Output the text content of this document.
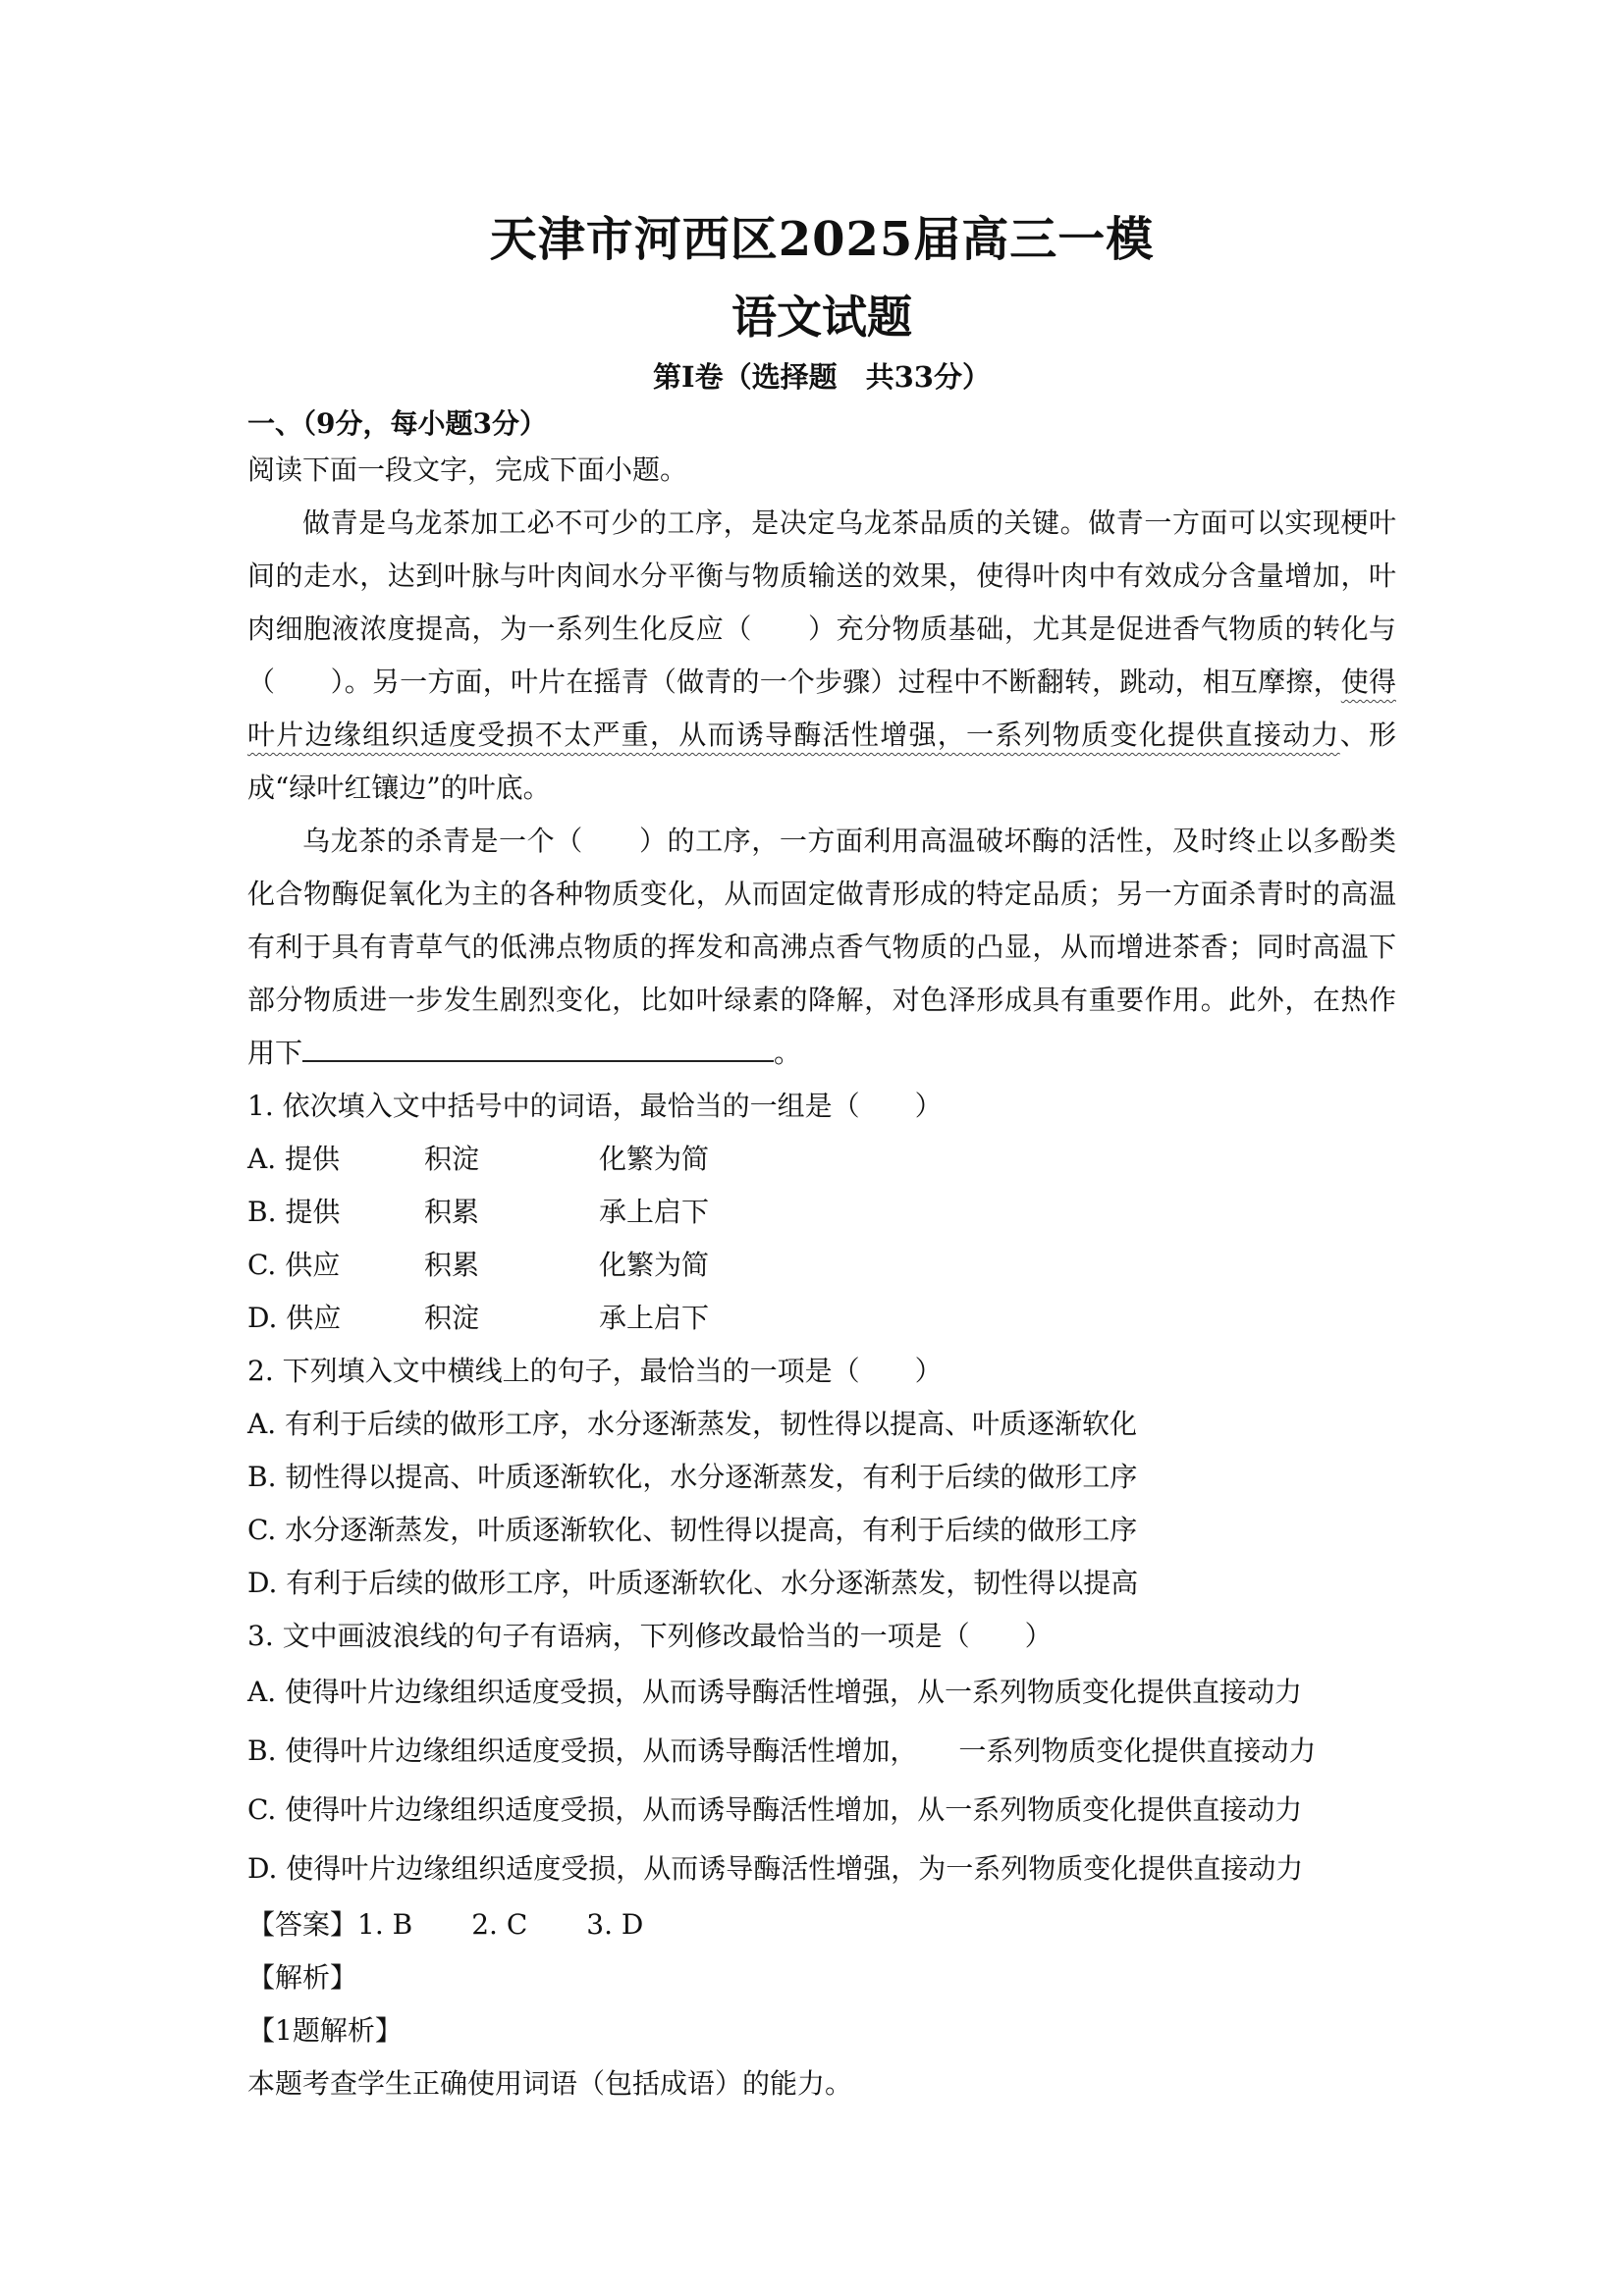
天津市河西区2025届高三一模
语文试题
第I卷（选择题　共33分）
一、（9分，每小题3分）
阅读下面一段文字，完成下面小题。
做青是乌龙茶加工必不可少的工序，是决定乌龙茶品质的关键。做青一方面可以实现梗叶间的走水，达到叶脉与叶肉间水分平衡与物质输送的效果，使得叶肉中有效成分含量增加，叶肉细胞液浓度提高，为一系列生化反应（　　）充分物质基础，尤其是促进香气物质的转化与（　　）。另一方面，叶片在摇青（做青的一个步骤）过程中不断翻转，跳动，相互摩擦，使得叶片边缘组织适度受损不太严重，从而诱导酶活性增强，一系列物质变化提供直接动力、形成“绿叶红镶边”的叶底。
乌龙茶的杀青是一个（　　）的工序，一方面利用高温破坏酶的活性，及时终止以多酚类化合物酶促氧化为主的各种物质变化，从而固定做青形成的特定品质；另一方面杀青时的高温有利于具有青草气的低沸点物质的挥发和高沸点香气物质的凸显，从而增进茶香；同时高温下部分物质进一步发生剧烈变化，比如叶绿素的降解，对色泽形成具有重要作用。此外，在热作用下	。
1. 依次填入文中括号中的词语，最恰当的一组是（　　）
A. 提供	积淀	化繁为简
B. 提供	积累	承上启下
C. 供应	积累	化繁为简
D. 供应	积淀	承上启下
2. 下列填入文中横线上的句子，最恰当的一项是（　　）
A. 有利于后续的做形工序，水分逐渐蒸发，韧性得以提高、叶质逐渐软化
B. 韧性得以提高、叶质逐渐软化，水分逐渐蒸发，有利于后续的做形工序
C. 水分逐渐蒸发，叶质逐渐软化、韧性得以提高，有利于后续的做形工序
D. 有利于后续的做形工序，叶质逐渐软化、水分逐渐蒸发，韧性得以提高
3. 文中画波浪线的句子有语病，下列修改最恰当的一项是（　　）
A. 使得叶片边缘组织适度受损，从而诱导酶活性增强，从一系列物质变化提供直接动力
B. 使得叶片边缘组织适度受损，从而诱导酶活性增加，　　一系列物质变化提供直接动力
C. 使得叶片边缘组织适度受损，从而诱导酶活性增加，从一系列物质变化提供直接动力
D. 使得叶片边缘组织适度受损，从而诱导酶活性增强，为一系列物质变化提供直接动力
【答案】1. B 2. C 3. D
【解析】
【1题解析】
本题考查学生正确使用词语（包括成语）的能力。
